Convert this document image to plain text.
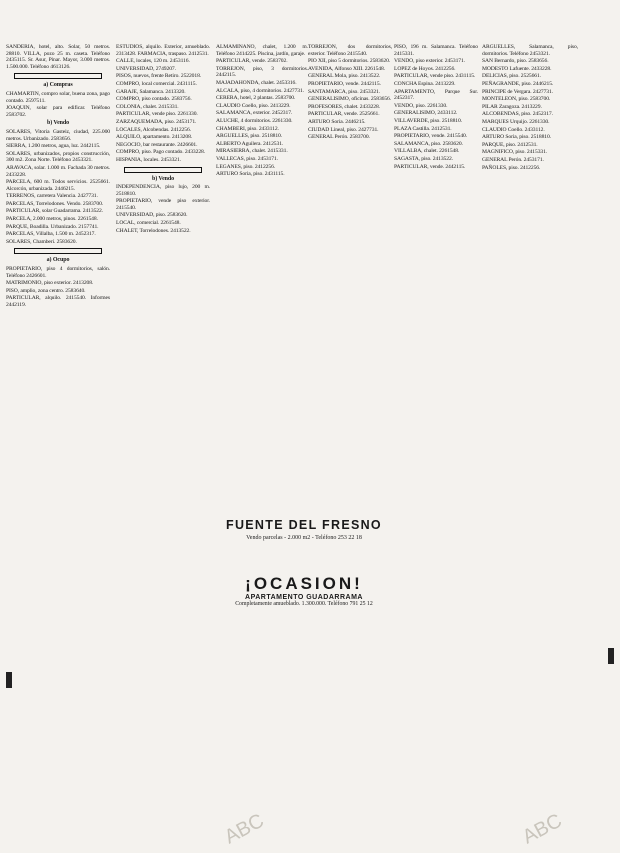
SANDERIA, hotel, alto. Solar, 50 metros. 28810. VILLA, pozo 25 m. caseta. Teléfono 2435115. Sr. Asur, Pinar. Mayor, 3.000 metros. 1.500.000. Teléfono 4613126.

a) Compras

CHAMARTIN, compro solar, buena zona, pago contado. 2597511.

JOAQUIN, solar para edificar. Teléfono 2583702.

b) Vendo

SOLARES, Vitoria Gasteiz, ciudad, 225.000 metros. Urbanizado. 2583656.

SIERRA, 1.200 metros, agua, luz. 2442115.

SOLARES, urbanizados, propios construcción, 300 m2. Zona Norte. Teléfono 2453321.

ARAVACA, solar. 1.000 m. Fachada 30 metros. 2433228.

PARCELA, 600 m. Todos servicios. 2525661. Alcorcón, urbanizada. 2446215.

TERRENOS, carretera Valencia. 2427731.

PARCELAS, Torrelodones. Vendo. 2583700.

PARTICULAR, solar Guadarrama. 2413522.

PARCELA, 2.000 metros, pinos. 2261548.

PARQUE, Boadilla. Urbanizado. 2157741.

PARCELAS, Villalba, 1.500 m. 2452317.

SOLARES, Chamberí. 2583620.

a) Ocupo

PROPIETARIO, piso 4 dormitorios, salón. Teléfono 2426601.

MATRIMONIO, piso exterior. 2413208.

PISO, amplio, zona centro. 2583640.

PARTICULAR, alquilo. 2415540. Informes 2442119.

ESTUDIOS, alquilo. Exterior, amueblado. 2313428. FARMACIA, traspaso. 2412531.

CALLE, locales, 120 m. 2453116.

UNIVERSIDAD, 2749207.

PISOS, nuevos, frente Retiro. 2522018.

COMPRO, local comercial. 2431115.

GARAJE, Salamanca. 2413320.

COMPRO, piso contado. 2583756.

COLONIA, chalet. 2415331.

PARTICULAR, vende piso. 2261330.

ZARZAQUEMADA, piso. 2453171.

LOCALES, Alcobendas. 2412256.

ALQUILO, apartamento. 2413208.

NEGOCIO, bar restaurante. 2426601.

COMPRO, piso. Pago contado. 2433228.

HISPANIA, locales. 2453321.

b) Vendo

INDEPENDENCIA, piso lujo, 200 m. 2518810.

PROPIETARIO, vende piso exterior. 2415540.

UNIVERSIDAD, piso. 2583620.

LOCAL, comercial. 2261548.

CHALET, Torrelodones. 2413522.

ALMAMINANO, chalet, 1.200 m. Teléfono 2414225. Piscina, jardín, garaje.

PARTICULAR, vende. 2583702.

TORREJON, piso, 3 dormitorios. 2442115.

MAJADAHONDA, chalet. 2453316.

ALCALA, piso, 4 dormitorios. 2427731.

CERERA, hotel, 2 plantas. 2583700.

CLAUDIO Coello, piso. 2413229.

SALAMANCA, exterior. 2452317.

ALUCHE, 4 dormitorios. 2261330.

CHAMBERI, piso. 2433112.

ARGUELLES, piso. 2518810.

ALBERTO Aguilera. 2412531.

MIRASIERRA, chalet. 2415331.

VALLECAS, piso. 2453171.

LEGANES, piso. 2412256.

ARTURO Soria, piso. 2431115.

TORREJON, dos dormitorios, exterior. Teléfono 2415540.

PIO XII, piso 5 dormitorios. 2583620.

AVENIDA, Alfonso XIII. 2261548.

GENERAL Mola, piso. 2413522.

PROPIETARIO, vende. 2442115.

SANTAMARCA, piso. 2453321.

GENERALISIMO, oficinas. 2583656.

PROFESORES, chalet. 2433228.

PARTICULAR, vende. 2525661.

ARTURO Soria. 2446215.

CIUDAD Lineal, piso. 2427731.

GENERAL Perón. 2583700.

PISO, 196 m. Salamanca. Teléfono 2415331.

VENDO, piso exterior. 2453171.

LOPEZ de Hoyos. 2412256.

PARTICULAR, vende piso. 2431115.

CONCHA Espina. 2413229.

APARTAMENTO, Parque Sur. 2452317.

VENDO, piso. 2261330.

GENERALISIMO, 2433112.

VILLAVERDE, piso. 2518810.

PLAZA Castilla. 2412531.

PROPIETARIO, vende. 2415540.

SALAMANCA, piso. 2583620.

VILLALBA, chalet. 2261548.

SAGASTA, piso. 2413522.

PARTICULAR, vende. 2442115.

ARGUELLES, Salamanca, piso, dormitorios. Teléfono 2453321.

SAN Bernardo, piso. 2583656.

MODESTO Lafuente. 2433228.

DELICIAS, piso. 2525661.

PEÑAGRANDE, piso. 2446215.

PRINCIPE de Vergara. 2427731.

MONTELEON, piso. 2583700.

PILAR Zaragoza. 2413229.

ALCOBENDAS, piso. 2452317.

MARQUES Urquijo. 2261330.

CLAUDIO Coello. 2433112.

ARTURO Soria, piso. 2518810.

PARQUE, piso. 2412531.

MAGNIFICO, piso. 2415331.

GENERAL Perón. 2453171.

PAÑOLES, piso. 2412256.

FUENTE DEL FRESNO
Vendo parcelas - 2.000 m2 - Teléfono 253 22 18
¡OCASION!
APARTAMENTO GUADARRAMA
Completamente amueblado. 1.300.000. Teléfono 791 25 12
ABC	ABC
